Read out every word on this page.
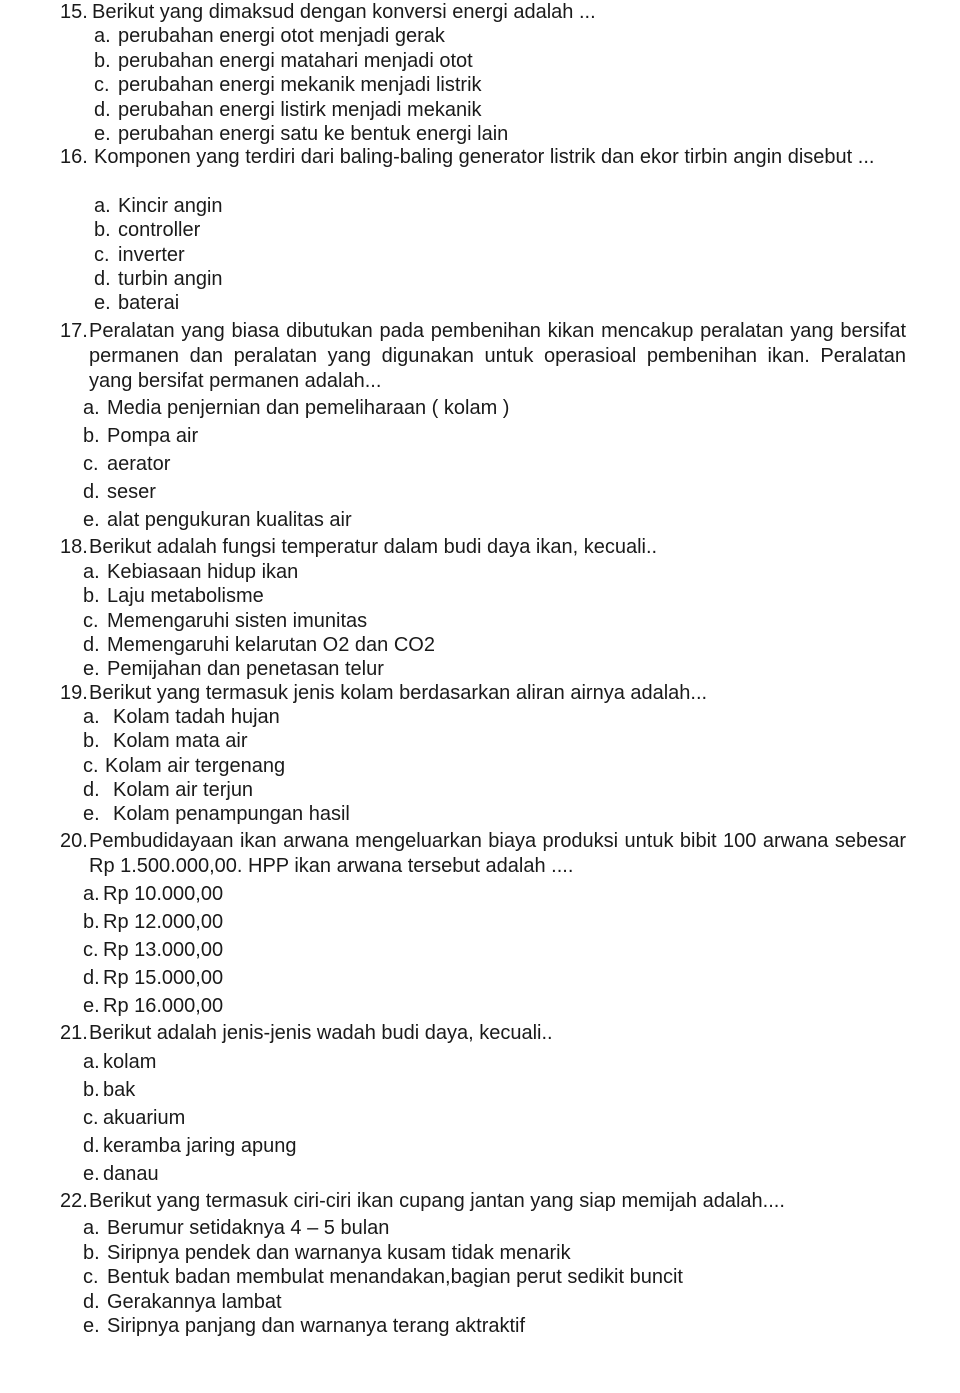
15. Berikut yang dimaksud dengan konversi energi adalah ...
a. perubahan energi otot menjadi gerak
b. perubahan energi matahari menjadi otot
c. perubahan energi mekanik menjadi listrik
d. perubahan energi listirk menjadi mekanik
e. perubahan energi satu ke bentuk energi lain
16. Komponen yang terdiri dari baling-baling generator listrik dan ekor tirbin angin disebut ...
a. Kincir angin
b. controller
c. inverter
d. turbin angin
e. baterai
17.Peralatan yang biasa dibutukan pada pembenihan kikan mencakup peralatan yang bersifat permanen dan peralatan yang digunakan untuk operasioal pembenihan ikan. Peralatan yang bersifat permanen adalah...
a. Media penjernian dan pemeliharaan ( kolam )
b. Pompa air
c. aerator
d. seser
e. alat pengukuran kualitas air
18.Berikut adalah fungsi temperatur dalam budi daya ikan, kecuali..
a. Kebiasaan hidup ikan
b. Laju metabolisme
c. Memengaruhi sisten imunitas
d. Memengaruhi kelarutan O2 dan CO2
e. Pemijahan dan penetasan telur
19.Berikut yang termasuk jenis kolam berdasarkan aliran airnya adalah...
a. Kolam tadah hujan
b. Kolam mata air
c. Kolam air tergenang
d. Kolam air terjun
e. Kolam penampungan hasil
20.Pembudidayaan ikan arwana mengeluarkan biaya produksi untuk bibit 100 arwana sebesar Rp 1.500.000,00. HPP ikan arwana tersebut adalah ....
a. Rp 10.000,00
b. Rp 12.000,00
c. Rp 13.000,00
d. Rp 15.000,00
e. Rp 16.000,00
21.Berikut adalah jenis-jenis wadah budi daya, kecuali..
a. kolam
b. bak
c. akuarium
d. keramba jaring apung
e. danau
22.Berikut yang termasuk ciri-ciri ikan cupang jantan yang siap memijah adalah....
a. Berumur setidaknya 4 – 5 bulan
b. Siripnya pendek dan warnanya kusam tidak menarik
c. Bentuk badan membulat menandakan,bagian perut sedikit buncit
d. Gerakannya lambat
e. Siripnya panjang dan warnanya terang aktraktif
